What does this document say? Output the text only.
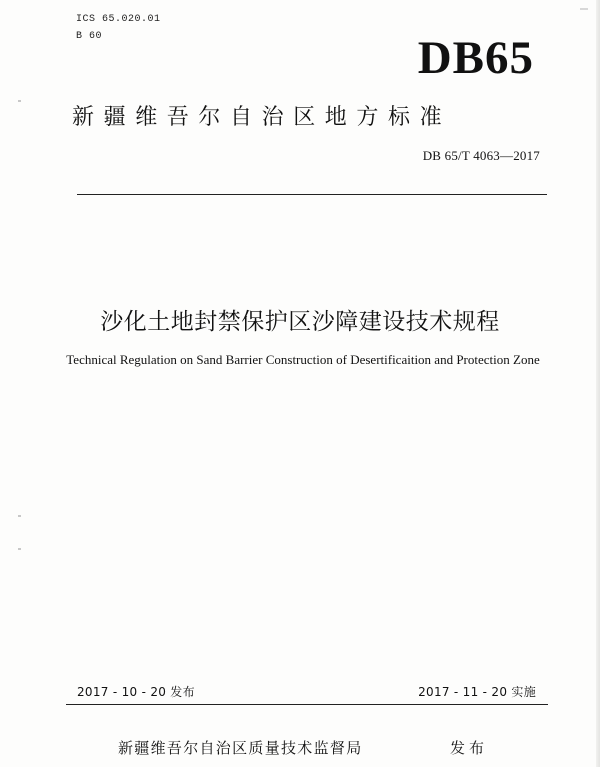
ICS 65.020.01
B 60	DB65
新疆维吾尔自治区地方标准
DB 65/T 4063—2017
沙化土地封禁保护区沙障建设技术规程
Technical Regulation on Sand Barrier Construction of Desertificaition and Protection Zone
2017 - 10 - 20 发布	2017 - 11 - 20 实施
新疆维吾尔自治区质量技术监督局	发布
